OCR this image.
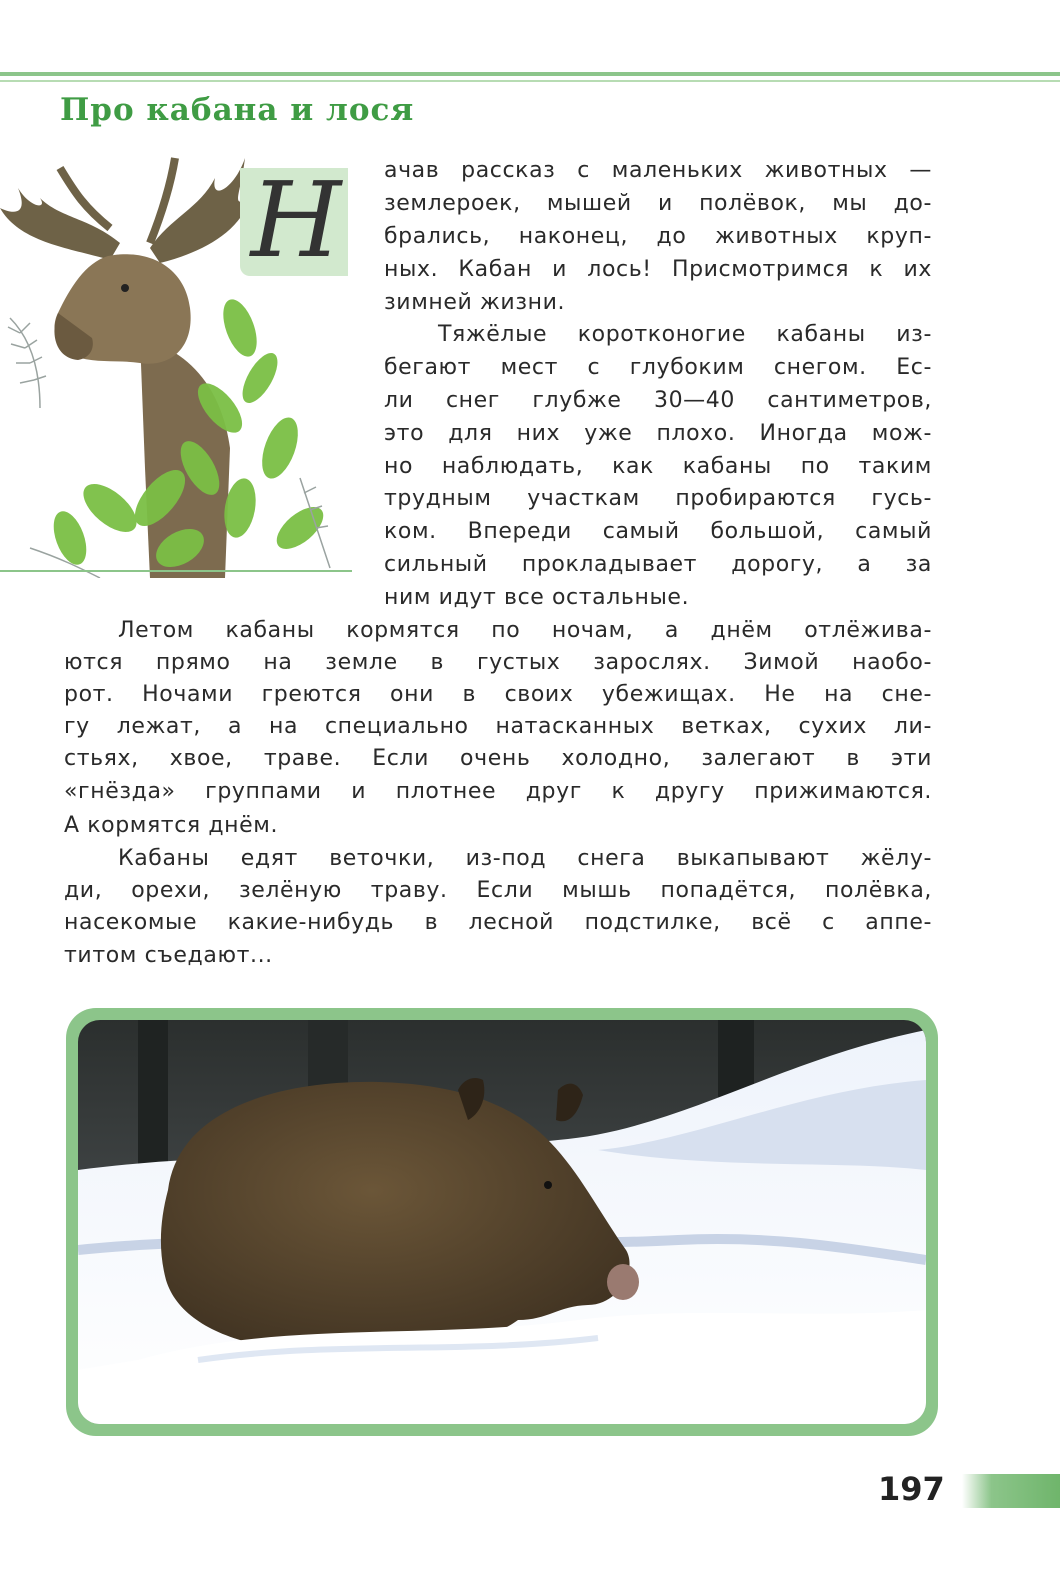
Про кабана и лося
Н ачав рассказ с маленьких животных —
землероек, мышей и полёвок, мы до-
брались, наконец, до животных круп-
ных. Кабан и лось! Присмотримся к их
зимней жизни.
Тяжёлые коротконогие кабаны из-
бегают мест с глубоким снегом. Ес-
ли снег глубже 30—40 сантиметров,
это для них уже плохо. Иногда мож-
но наблюдать, как кабаны по таким
трудным участкам пробираются гусь-
ком. Впереди самый большой, самый
сильный прокладывает дорогу, а за
ним идут все остальные.
Летом кабаны кормятся по ночам, а днём отлёжива-
ются прямо на земле в густых зарослях. Зимой наобо-
рот. Ночами греются они в своих убежищах. Не на сне-
гу лежат, а на специально натасканных ветках, сухих ли-
стьях, хвое, траве. Если очень холодно, залегают в эти
«гнёзда» группами и плотнее друг к другу прижимаются.
А кормятся днём.
Кабаны едят веточки, из-под снега выкапывают жёлу-
ди, орехи, зелёную траву. Если мышь попадётся, полёвка,
насекомые какие-нибудь в лесной подстилке, всё с аппе-
титом съедают...
197
